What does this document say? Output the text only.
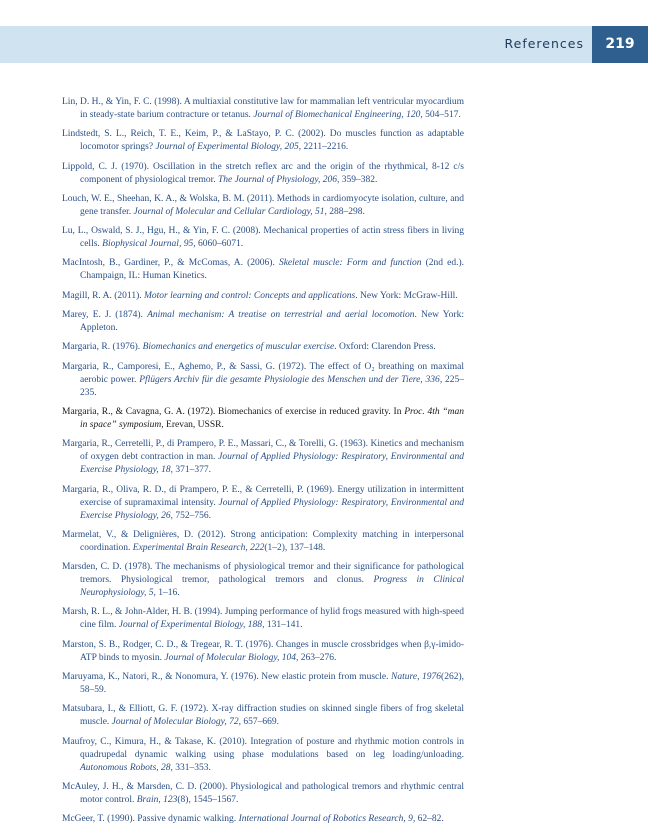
References	219
Lin, D. H., & Yin, F. C. (1998). A multiaxial constitutive law for mammalian left ventricular myocardium in steady-state barium contracture or tetanus. Journal of Biomechanical Engineering, 120, 504–517.
Lindstedt, S. L., Reich, T. E., Keim, P., & LaStayo, P. C. (2002). Do muscles function as adaptable locomotor springs? Journal of Experimental Biology, 205, 2211–2216.
Lippold, C. J. (1970). Oscillation in the stretch reflex arc and the origin of the rhythmical, 8-12 c/s component of physiological tremor. The Journal of Physiology, 206, 359–382.
Louch, W. E., Sheehan, K. A., & Wolska, B. M. (2011). Methods in cardiomyocyte isolation, culture, and gene transfer. Journal of Molecular and Cellular Cardiology, 51, 288–298.
Lu, L., Oswald, S. J., Hgu, H., & Yin, F. C. (2008). Mechanical properties of actin stress fibers in living cells. Biophysical Journal, 95, 6060–6071.
MacIntosh, B., Gardiner, P., & McComas, A. (2006). Skeletal muscle: Form and function (2nd ed.). Champaign, IL: Human Kinetics.
Magill, R. A. (2011). Motor learning and control: Concepts and applications. New York: McGraw-Hill.
Marey, E. J. (1874). Animal mechanism: A treatise on terrestrial and aerial locomotion. New York: Appleton.
Margaria, R. (1976). Biomechanics and energetics of muscular exercise. Oxford: Clarendon Press.
Margaria, R., Camporesi, E., Aghemo, P., & Sassi, G. (1972). The effect of O₂ breathing on maximal aerobic power. Pflügers Archiv für die gesamte Physiologie des Menschen und der Tiere, 336, 225–235.
Margaria, R., & Cavagna, G. A. (1972). Biomechanics of exercise in reduced gravity. In Proc. 4th “man in space” symposium, Erevan, USSR.
Margaria, R., Cerretelli, P., di Prampero, P. E., Massari, C., & Torelli, G. (1963). Kinetics and mechanism of oxygen debt contraction in man. Journal of Applied Physiology: Respiratory, Environmental and Exercise Physiology, 18, 371–377.
Margaria, R., Oliva, R. D., di Prampero, P. E., & Cerretelli, P. (1969). Energy utilization in intermittent exercise of supramaximal intensity. Journal of Applied Physiology: Respiratory, Environmental and Exercise Physiology, 26, 752–756.
Marmelat, V., & Delignières, D. (2012). Strong anticipation: Complexity matching in interpersonal coordination. Experimental Brain Research, 222(1–2), 137–148.
Marsden, C. D. (1978). The mechanisms of physiological tremor and their significance for pathological tremors. Physiological tremor, pathological tremors and clonus. Progress in Clinical Neurophysiology, 5, 1–16.
Marsh, R. L., & John-Alder, H. B. (1994). Jumping performance of hylid frogs measured with high-speed cine film. Journal of Experimental Biology, 188, 131–141.
Marston, S. B., Rodger, C. D., & Tregear, R. T. (1976). Changes in muscle crossbridges when β,γ-imido-ATP binds to myosin. Journal of Molecular Biology, 104, 263–276.
Maruyama, K., Natori, R., & Nonomura, Y. (1976). New elastic protein from muscle. Nature, 1976(262), 58–59.
Matsubara, I., & Elliott, G. F. (1972). X-ray diffraction studies on skinned single fibers of frog skeletal muscle. Journal of Molecular Biology, 72, 657–669.
Maufroy, C., Kimura, H., & Takase, K. (2010). Integration of posture and rhythmic motion controls in quadrupedal dynamic walking using phase modulations based on leg loading/unloading. Autonomous Robots, 28, 331–353.
McAuley, J. H., & Marsden, C. D. (2000). Physiological and pathological tremors and rhythmic central motor control. Brain, 123(8), 1545–1567.
McGeer, T. (1990). Passive dynamic walking. International Journal of Robotics Research, 9, 62–82.
